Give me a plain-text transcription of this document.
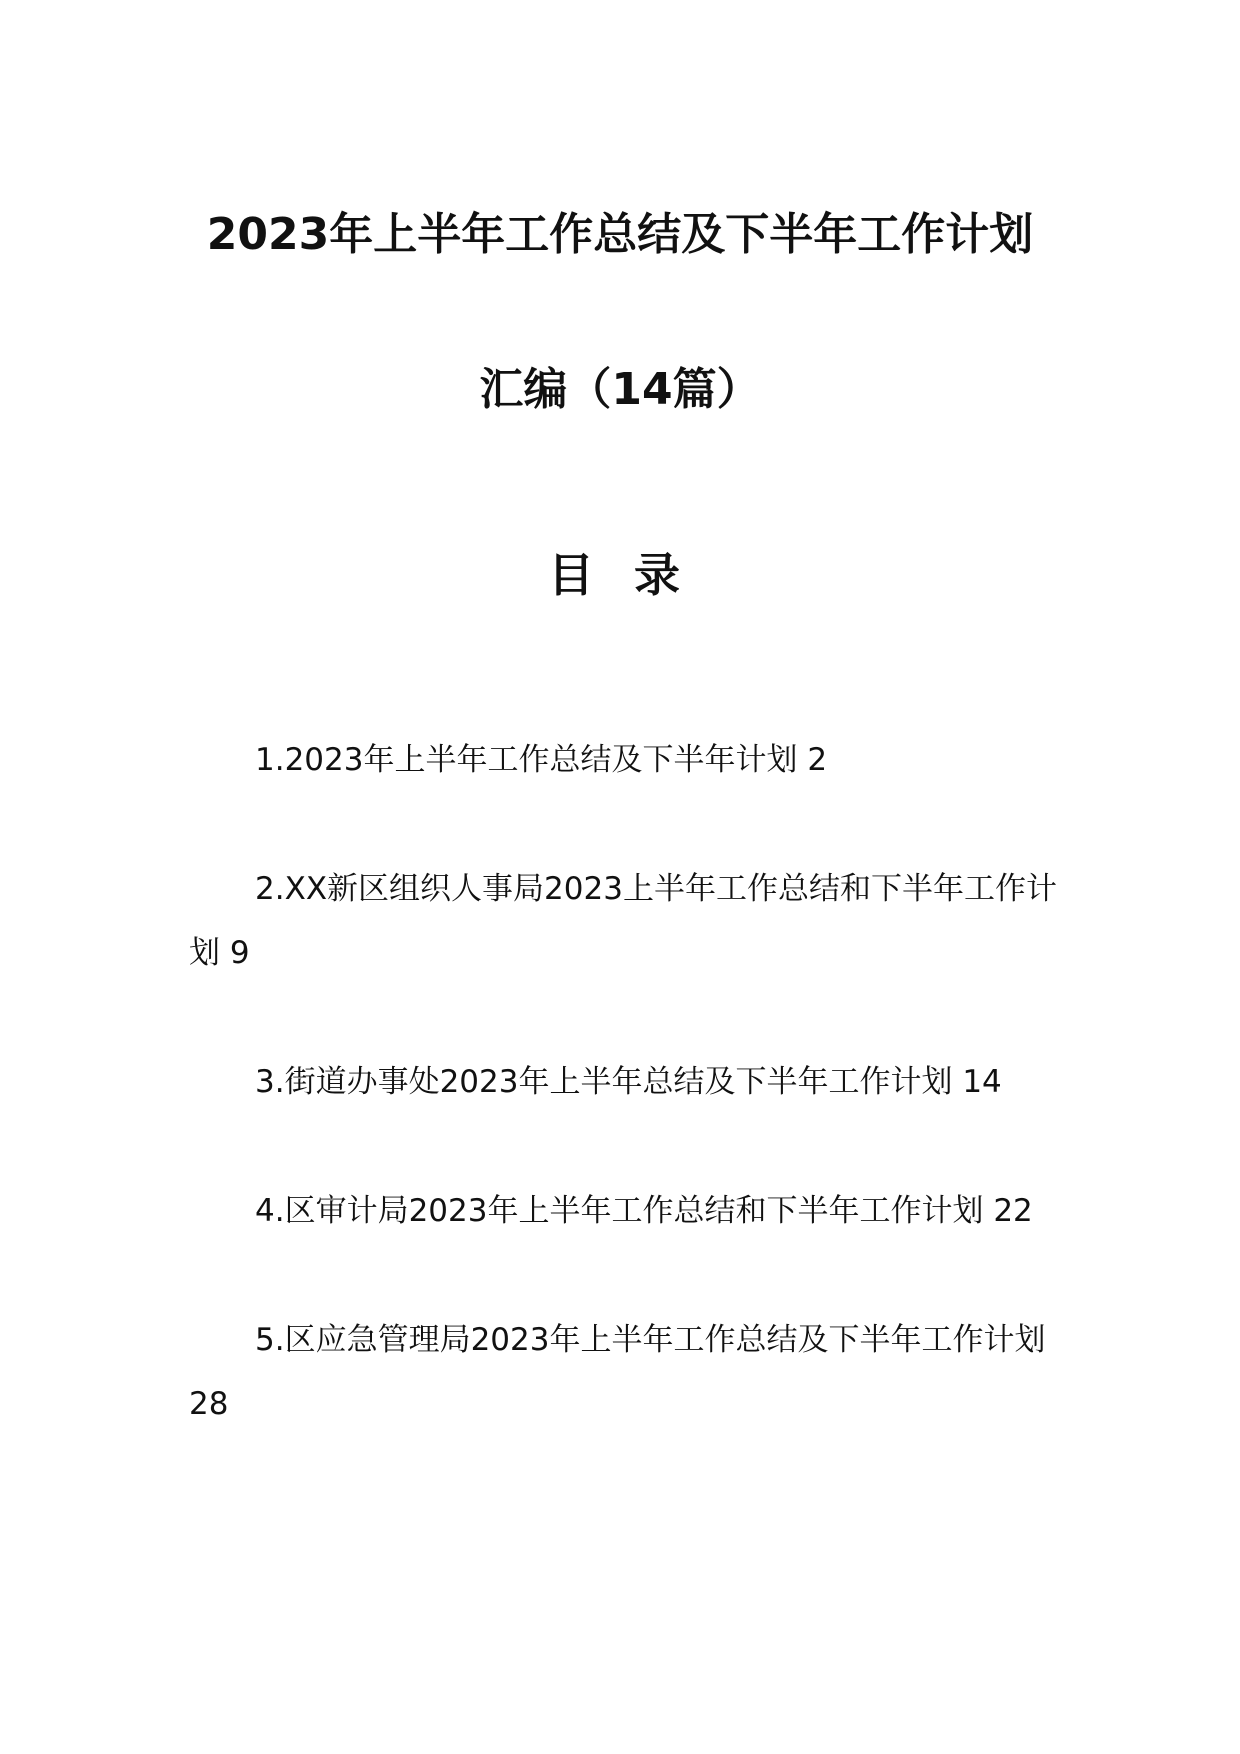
2023年上半年工作总结及下半年工作计划
汇编（14篇）
目 录
1.2023年上半年工作总结及下半年计划 2
2.XX新区组织人事局2023上半年工作总结和下半年工作计划 9
3.街道办事处2023年上半年总结及下半年工作计划 14
4.区审计局2023年上半年工作总结和下半年工作计划 22
5.区应急管理局2023年上半年工作总结及下半年工作计划 28
